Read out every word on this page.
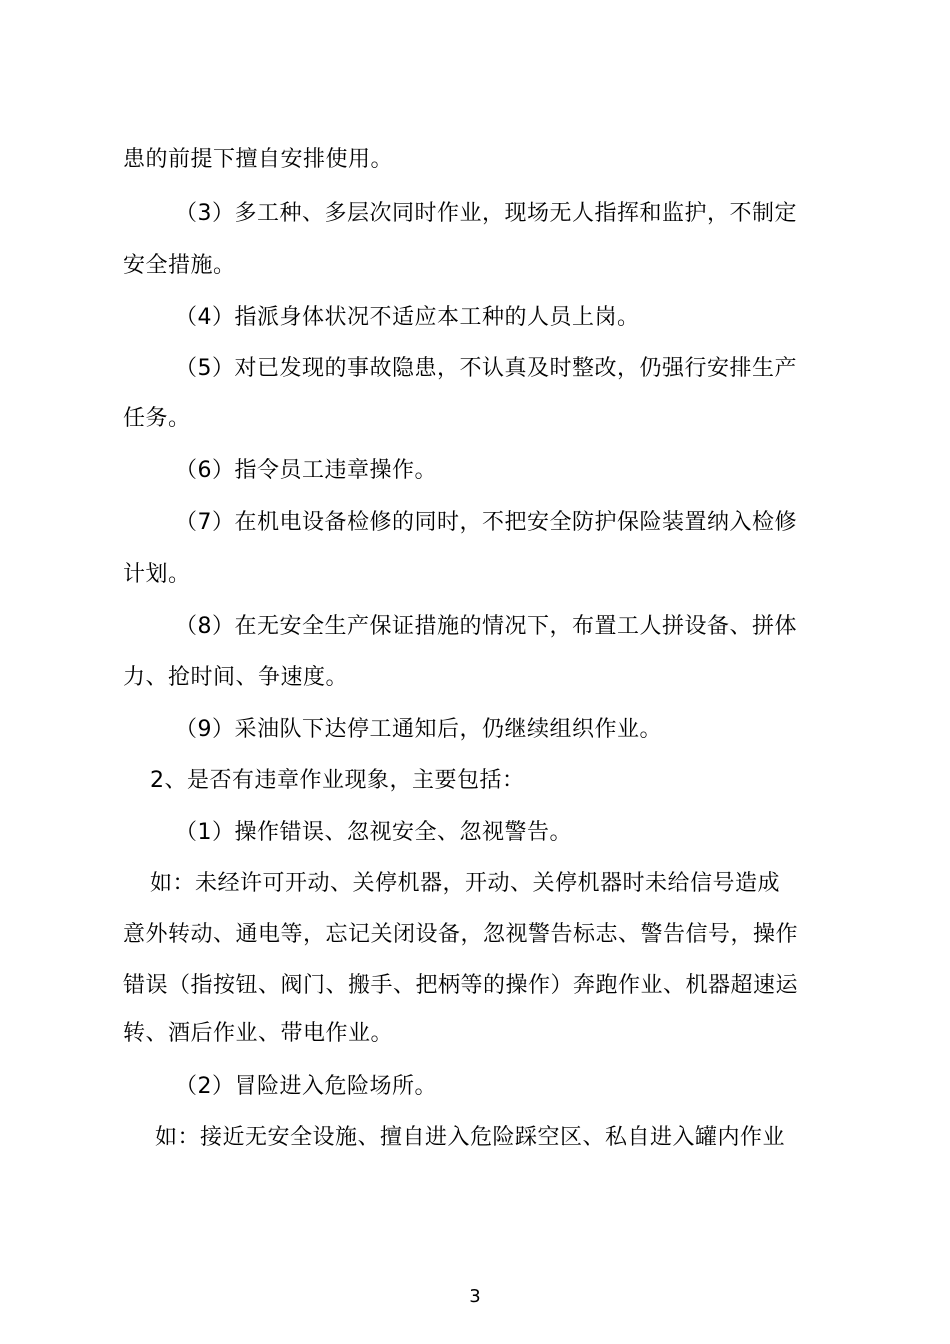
患的前提下擅自安排使用。
（3）多工种、多层次同时作业，现场无人指挥和监护，不制定
安全措施。
（4）指派身体状况不适应本工种的人员上岗。
（5）对已发现的事故隐患，不认真及时整改，仍强行安排生产
任务。
（6）指令员工违章操作。
（7）在机电设备检修的同时，不把安全防护保险装置纳入检修
计划。
（8）在无安全生产保证措施的情况下，布置工人拼设备、拼体
力、抢时间、争速度。
（9）采油队下达停工通知后，仍继续组织作业。
2、是否有违章作业现象，主要包括：
（1）操作错误、忽视安全、忽视警告。
如：未经许可开动、关停机器，开动、关停机器时未给信号造成
意外转动、通电等，忘记关闭设备，忽视警告标志、警告信号，操作
错误（指按钮、阀门、搬手、把柄等的操作）奔跑作业、机器超速运
转、酒后作业、带电作业。
（2）冒险进入危险场所。
如：接近无安全设施、擅自进入危险踩空区、私自进入罐内作业
3
